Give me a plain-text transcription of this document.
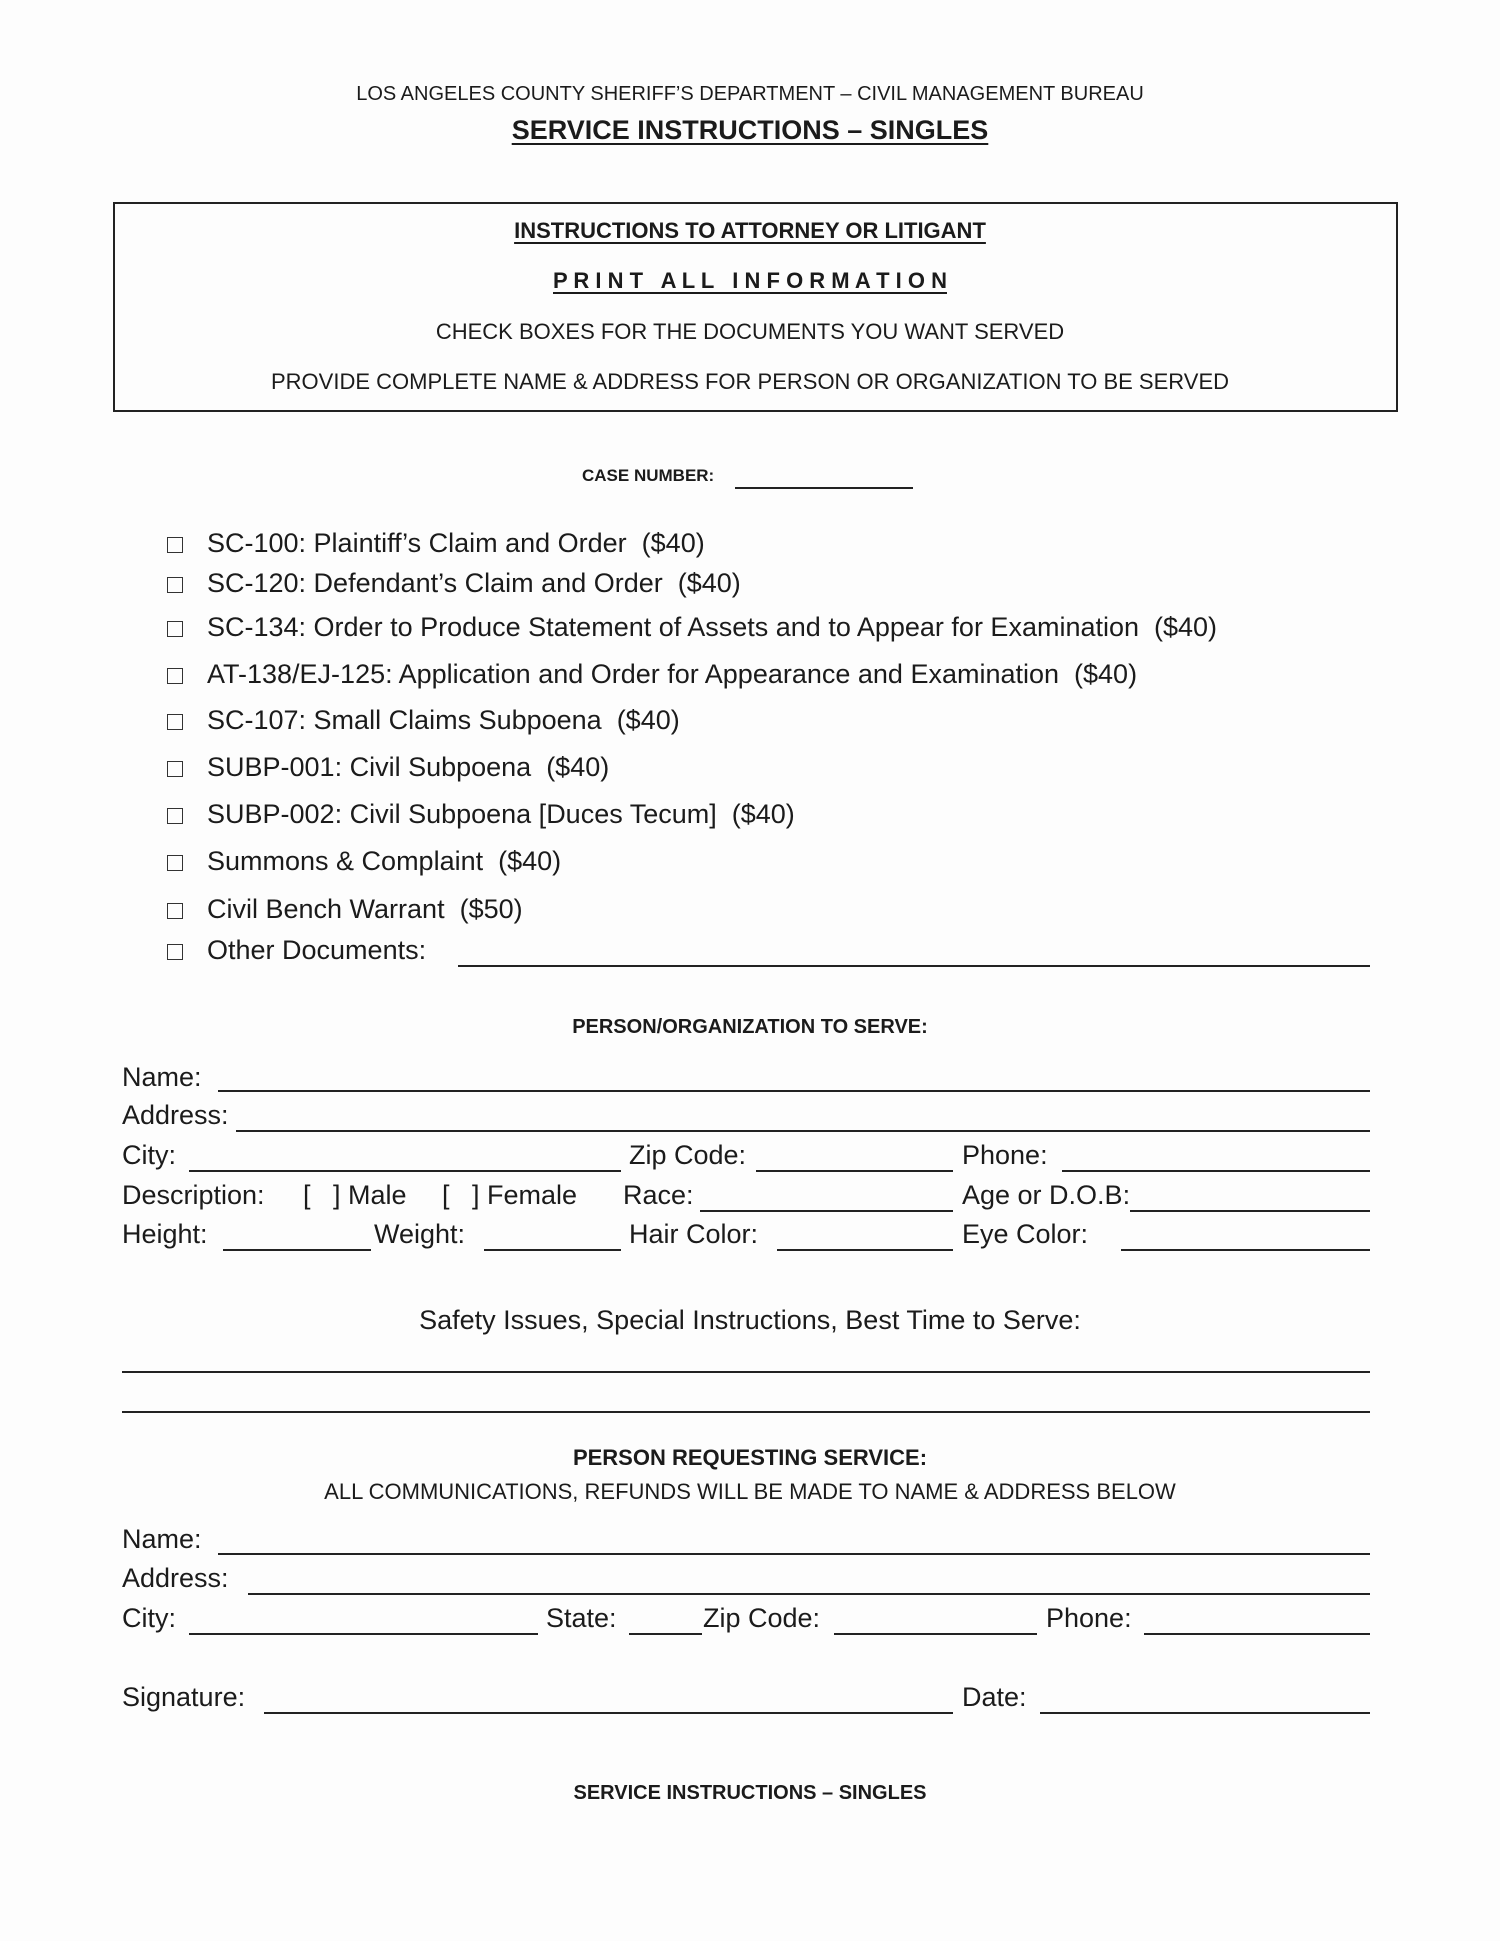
LOS ANGELES COUNTY SHERIFF’S DEPARTMENT – CIVIL MANAGEMENT BUREAU
SERVICE INSTRUCTIONS – SINGLES
INSTRUCTIONS TO ATTORNEY OR LITIGANT
P R I N T   A L L   I N F O R M A T I O N
CHECK BOXES FOR THE DOCUMENTS YOU WANT SERVED
PROVIDE COMPLETE NAME & ADDRESS FOR PERSON OR ORGANIZATION TO BE SERVED
CASE NUMBER:
SC-100: Plaintiff’s Claim and Order  ($40)
SC-120: Defendant’s Claim and Order  ($40)
SC-134: Order to Produce Statement of Assets and to Appear for Examination  ($40)
AT-138/EJ-125: Application and Order for Appearance and Examination  ($40)
SC-107: Small Claims Subpoena  ($40)
SUBP-001: Civil Subpoena  ($40)
SUBP-002: Civil Subpoena [Duces Tecum]  ($40)
Summons & Complaint  ($40)
Civil Bench Warrant  ($50)
Other Documents:
PERSON/ORGANIZATION TO SERVE:
Name:
Address:
City:	Zip Code:	Phone:
Description: [   ] Male [   ] Female Race:	Age or D.O.B:
Height:	Weight:	Hair Color:	Eye Color:
Safety Issues, Special Instructions, Best Time to Serve:
PERSON REQUESTING SERVICE:
ALL COMMUNICATIONS, REFUNDS WILL BE MADE TO NAME & ADDRESS BELOW
Name:
Address:
City:	State:	Zip Code:	Phone:
Signature:	Date:
SERVICE INSTRUCTIONS – SINGLES
